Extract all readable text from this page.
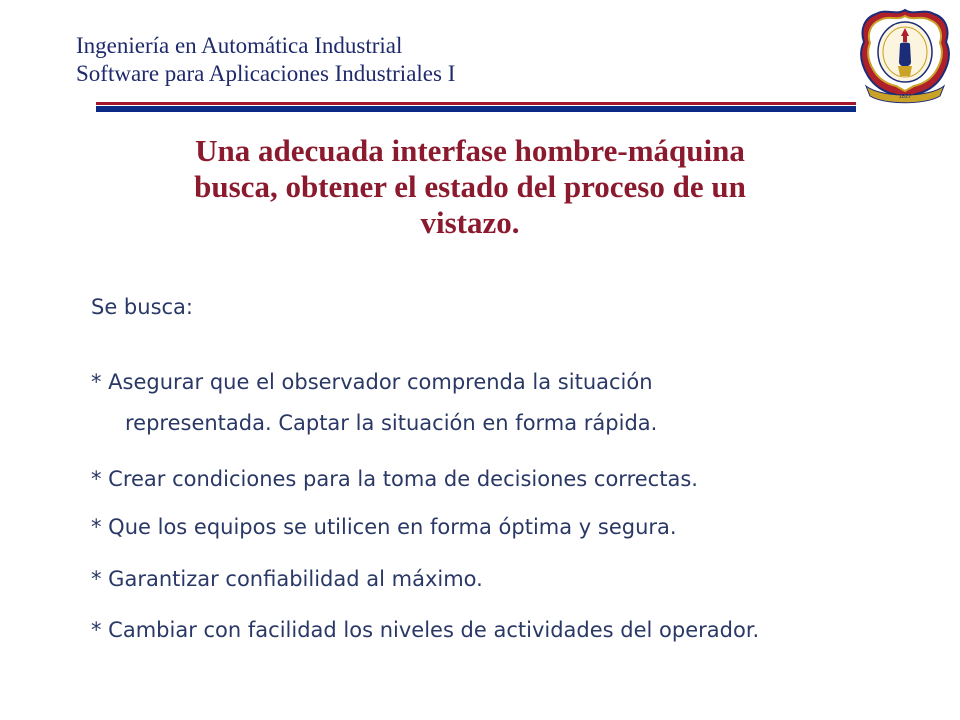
Ingeniería en Automática Industrial
Software para Aplicaciones Industriales I
1827
Una adecuada interfase hombre-máquina
busca, obtener el estado del proceso de un
vistazo.
Se busca:
* Asegurar que el observador comprenda la situación
representada. Captar la situación en forma rápida.
* Crear condiciones para la toma de decisiones correctas.
* Que los equipos se utilicen en forma óptima y segura.
* Garantizar confiabilidad al máximo.
* Cambiar con facilidad los niveles de actividades del operador.
